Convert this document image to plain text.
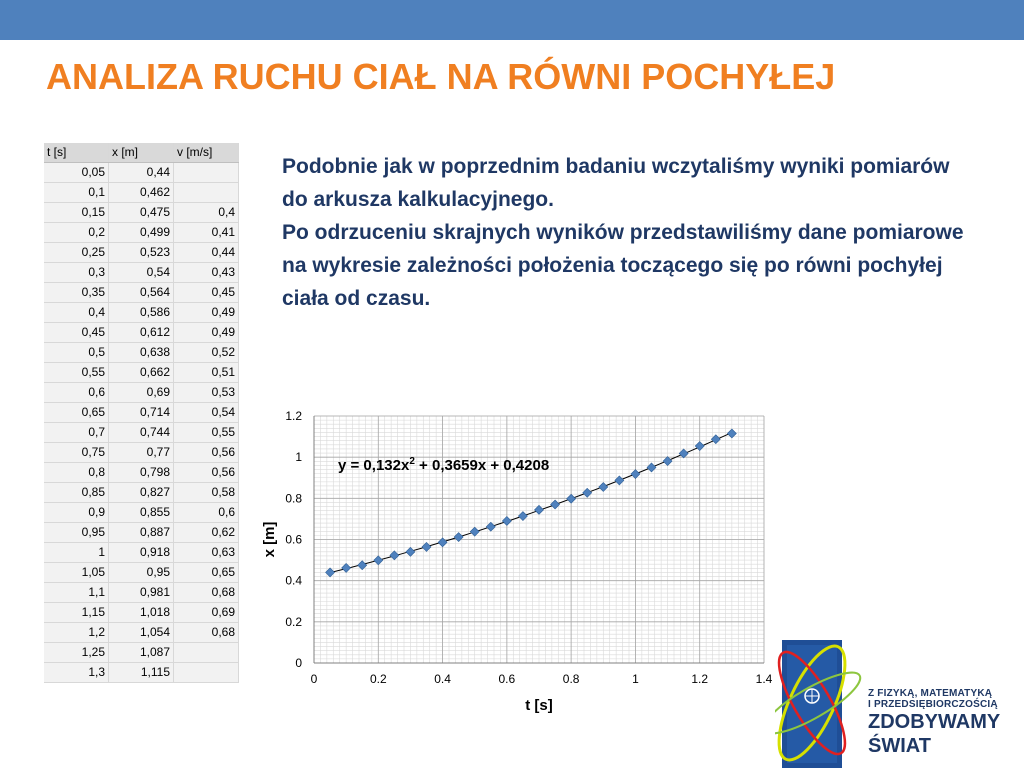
ANALIZA RUCHU CIAŁ NA RÓWNI POCHYŁEJ
t [s]	x [m]	v [m/s]
0,05	0,44	
0,1	0,462	
0,15	0,475	0,4
0,2	0,499	0,41
0,25	0,523	0,44
0,3	0,54	0,43
0,35	0,564	0,45
0,4	0,586	0,49
0,45	0,612	0,49
0,5	0,638	0,52
0,55	0,662	0,51
0,6	0,69	0,53
0,65	0,714	0,54
0,7	0,744	0,55
0,75	0,77	0,56
0,8	0,798	0,56
0,85	0,827	0,58
0,9	0,855	0,6
0,95	0,887	0,62
1	0,918	0,63
1,05	0,95	0,65
1,1	0,981	0,68
1,15	1,018	0,69
1,2	1,054	0,68
1,25	1,087	
1,3	1,115	

Podobnie jak w poprzednim badaniu wczytaliśmy wyniki pomiarów do arkusza kalkulacyjnego.

Po odrzuceniu skrajnych wyników przedstawiliśmy dane pomiarowe na wykresie zależności położenia toczącego się po równi pochyłej ciała od czasu.

0	0.2	0.4	0.6	0.8	1	1.2	1.4
0
0.2
0.4
0.6
0.8
1
1.2
t [s]
x [m]
$y = 0,132x^2 + 0,3659x + 0,4208$
Z FIZYKĄ, MATEMATYKĄ
I PRZEDSIĘBIORCZOŚCIĄ
ZDOBYWAMY
ŚWIAT
